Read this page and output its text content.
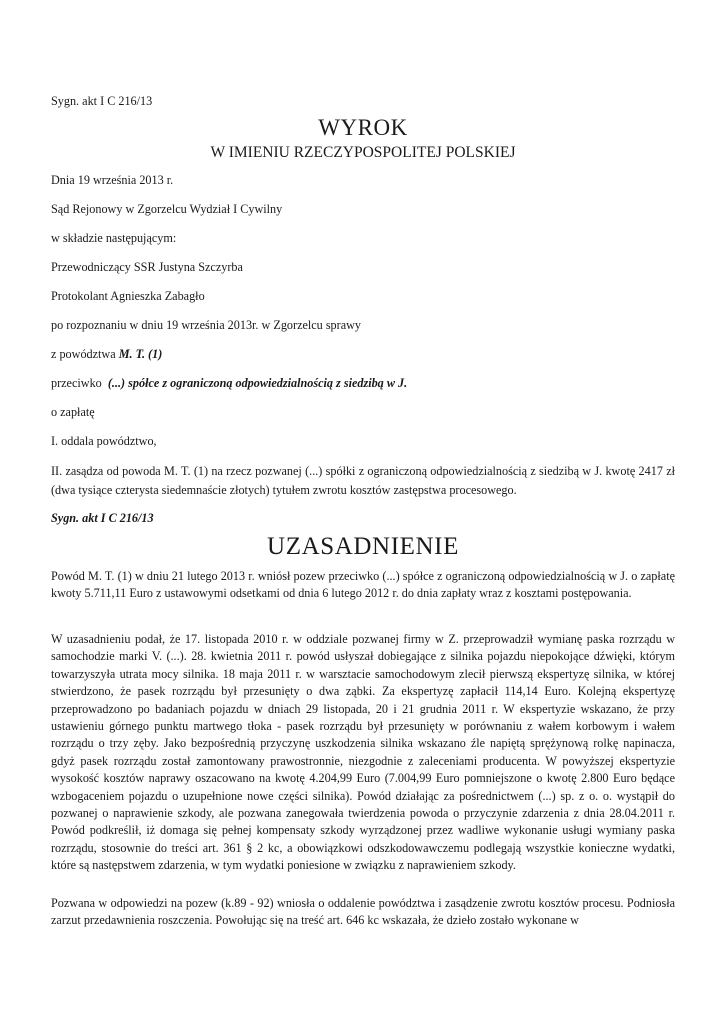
Sygn. akt I C 216/13
WYROK
W IMIENIU RZECZYPOSPOLITEJ POLSKIEJ
Dnia 19 września 2013 r.
Sąd Rejonowy w Zgorzelcu Wydział I Cywilny
w składzie następującym:
Przewodniczący SSR Justyna Szczyrba
Protokolant Agnieszka Zabagło
po rozpoznaniu w dniu 19 września 2013r. w Zgorzelcu sprawy
z powództwa M. T. (1)
przeciwko  (...) spółce z ograniczoną odpowiedzialnością z siedzibą w J.
o zapłatę
I. oddala powództwo,
II. zasądza od powoda M. T. (1) na rzecz pozwanej (...) spółki z ograniczoną odpowiedzialnością z siedzibą w J. kwotę 2417 zł (dwa tysiące czterysta siedemnaście złotych) tytułem zwrotu kosztów zastępstwa procesowego.
Sygn. akt I C 216/13
UZASADNIENIE
Powód M. T. (1) w dniu 21 lutego 2013 r. wniósł pozew przeciwko (...) spółce z ograniczoną odpowiedzialnością w J. o zapłatę kwoty 5.711,11 Euro z ustawowymi odsetkami od dnia 6 lutego 2012 r. do dnia zapłaty wraz z kosztami postępowania.
W uzasadnieniu podał, że 17. listopada 2010 r. w oddziale pozwanej firmy w Z. przeprowadził wymianę paska rozrządu w samochodzie marki V. (...). 28. kwietnia 2011 r. powód usłyszał dobiegające z silnika pojazdu niepokojące dźwięki, którym towarzyszyła utrata mocy silnika. 18 maja 2011 r. w warsztacie samochodowym zlecił pierwszą ekspertyzę silnika, w której stwierdzono, że pasek rozrządu był przesunięty o dwa ząbki. Za ekspertyzę zapłacił 114,14 Euro. Kolejną ekspertyzę przeprowadzono po badaniach pojazdu w dniach 29 listopada, 20 i 21 grudnia 2011 r. W ekspertyzie wskazano, że przy ustawieniu górnego punktu martwego tłoka - pasek rozrządu był przesunięty w porównaniu z wałem korbowym i wałem rozrządu o trzy zęby. Jako bezpośrednią przyczynę uszkodzenia silnika wskazano źle napiętą sprężynową rolkę napinacza, gdyż pasek rozrządu został zamontowany prawostronnie, niezgodnie z zaleceniami producenta. W powyższej ekspertyzie wysokość kosztów naprawy oszacowano na kwotę 4.204,99 Euro (7.004,99 Euro pomniejszone o kwotę 2.800 Euro będące wzbogaceniem pojazdu o uzupełnione nowe części silnika). Powód działając za pośrednictwem (...) sp. z o. o. wystąpił do pozwanej o naprawienie szkody, ale pozwana zanegowała twierdzenia powoda o przyczynie zdarzenia z dnia 28.04.2011 r. Powód podkreślił, iż domaga się pełnej kompensaty szkody wyrządzonej przez wadliwe wykonanie usługi wymiany paska rozrządu, stosownie do treści art. 361 § 2 kc, a obowiązkowi odszkodowawczemu podlegają wszystkie konieczne wydatki, które są następstwem zdarzenia, w tym wydatki poniesione w związku z naprawieniem szkody.
Pozwana w odpowiedzi na pozew (k.89 - 92) wniosła o oddalenie powództwa i zasądzenie zwrotu kosztów procesu. Podniosła zarzut przedawnienia roszczenia. Powołując się na treść art. 646 kc wskazała, że dzieło zostało wykonane w
